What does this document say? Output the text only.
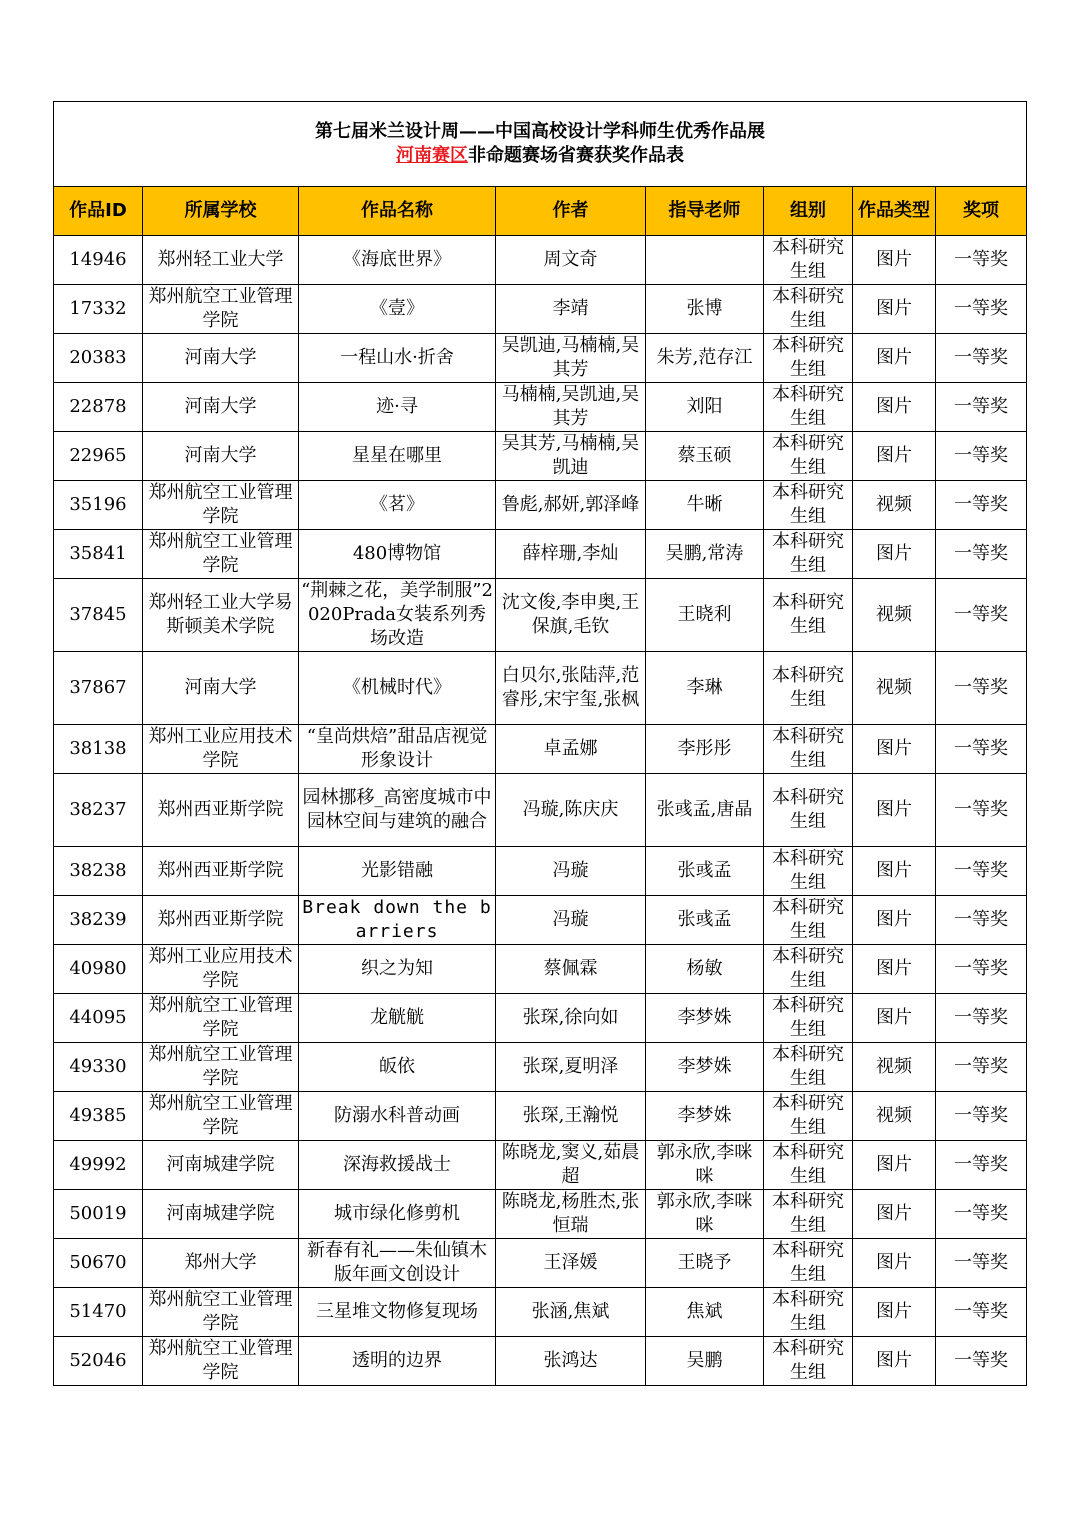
第七届米兰设计周——中国高校设计学科师生优秀作品展
河南赛区非命题赛场省赛获奖作品表							

作品ID	所属学校	作品名称	作者	指导老师	组别	作品类型	奖项
14946	郑州轻工业大学	《海底世界》	周文奇		本科研究生组	图片	一等奖
17332	郑州航空工业管理学院	《壹》	李靖	张博	本科研究生组	图片	一等奖
20383	河南大学	一程山水·折舍	吴凯迪,马楠楠,吴其芳	朱芳,范存江	本科研究生组	图片	一等奖
22878	河南大学	迹·寻	马楠楠,吴凯迪,吴其芳	刘阳	本科研究生组	图片	一等奖
22965	河南大学	星星在哪里	吴其芳,马楠楠,吴凯迪	蔡玉硕	本科研究生组	图片	一等奖
35196	郑州航空工业管理学院	《茗》	鲁彪,郝妍,郭泽峰	牛晰	本科研究生组	视频	一等奖
35841	郑州航空工业管理学院	480博物馆	薛梓珊,李灿	吴鹏,常涛	本科研究生组	图片	一等奖
37845	郑州轻工业大学易斯顿美术学院	“荆棘之花，美学制服”2020Prada女装系列秀场改造	沈文俊,李申奥,王保旗,毛钦	王晓利	本科研究生组	视频	一等奖
37867	河南大学	《机械时代》	白贝尔,张陆萍,范睿彤,宋宇玺,张枫	李琳	本科研究生组	视频	一等奖
38138	郑州工业应用技术学院	“皇尚烘焙”甜品店视觉形象设计	卓孟娜	李彤彤	本科研究生组	图片	一等奖
38237	郑州西亚斯学院	园林挪移_高密度城市中园林空间与建筑的融合	冯璇,陈庆庆	张彧孟,唐晶	本科研究生组	图片	一等奖
38238	郑州西亚斯学院	光影错融	冯璇	张彧孟	本科研究生组	图片	一等奖
38239	郑州西亚斯学院	Break down the barriers	冯璇	张彧孟	本科研究生组	图片	一等奖
40980	郑州工业应用技术学院	织之为知	蔡佩霖	杨敏	本科研究生组	图片	一等奖
44095	郑州航空工业管理学院	龙觥觥	张琛,徐向如	李梦姝	本科研究生组	图片	一等奖
49330	郑州航空工业管理学院	皈依	张琛,夏明泽	李梦姝	本科研究生组	视频	一等奖
49385	郑州航空工业管理学院	防溺水科普动画	张琛,王瀚悦	李梦姝	本科研究生组	视频	一等奖
49992	河南城建学院	深海救援战士	陈晓龙,窦义,茹晨超	郭永欣,李咪咪	本科研究生组	图片	一等奖
50019	河南城建学院	城市绿化修剪机	陈晓龙,杨胜杰,张恒瑞	郭永欣,李咪咪	本科研究生组	图片	一等奖
50670	郑州大学	新春有礼——朱仙镇木版年画文创设计	王泽媛	王晓予	本科研究生组	图片	一等奖
51470	郑州航空工业管理学院	三星堆文物修复现场	张涵,焦斌	焦斌	本科研究生组	图片	一等奖
52046	郑州航空工业管理学院	透明的边界	张鸿达	吴鹏	本科研究生组	图片	一等奖
